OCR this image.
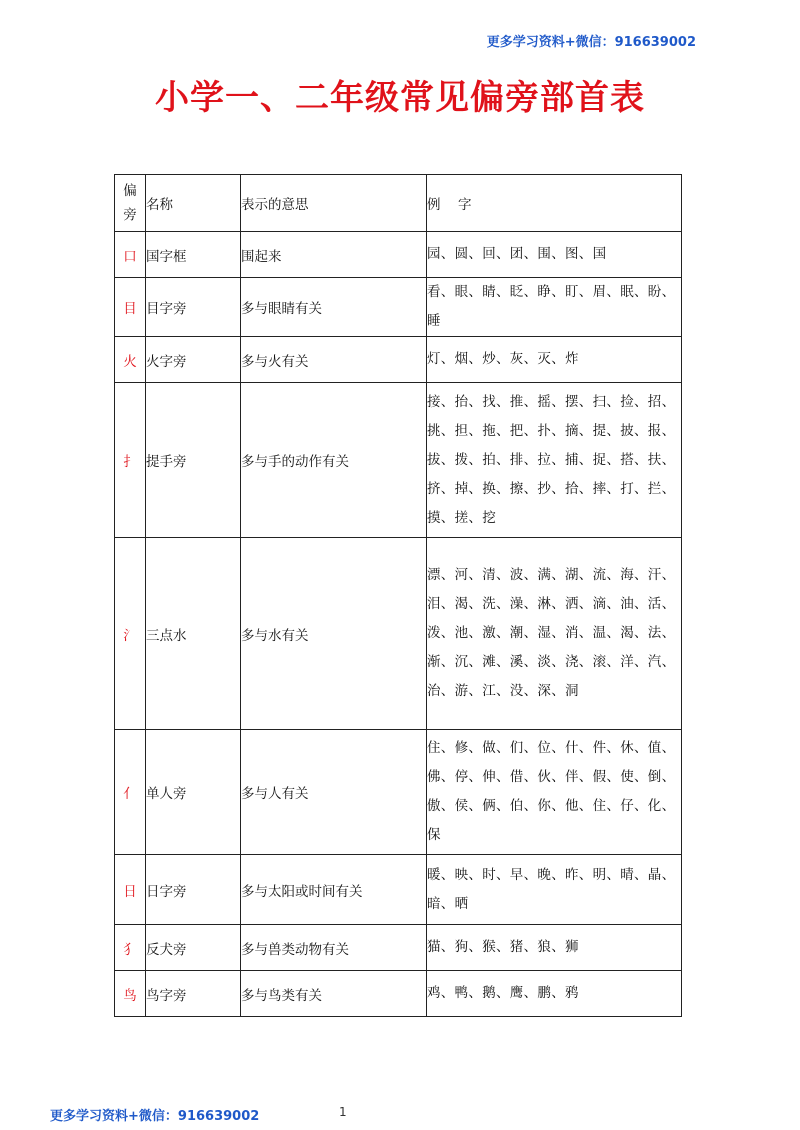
更多学习资料+微信：916639002
小学一、二年级常见偏旁部首表
偏
旁	名称	表示的意思	例　字
口	国字框	围起来	园、圆、回、团、围、图、国
目	目字旁	多与眼睛有关	看、眼、睛、眨、睁、盯、眉、眠、盼、睡
火	火字旁	多与火有关	灯、烟、炒、灰、灭、炸
扌	提手旁	多与手的动作有关	接、抬、找、推、摇、摆、扫、捡、招、挑、担、拖、把、扑、摘、提、披、报、拔、拨、拍、排、拉、捕、捉、搭、扶、挤、掉、换、擦、抄、拾、摔、打、拦、摸、搓、挖
氵	三点水	多与水有关	漂、河、清、波、满、湖、流、海、汗、泪、渴、洗、澡、淋、洒、滴、油、活、泼、池、激、潮、湿、消、温、渴、法、渐、沉、滩、溪、淡、浇、滚、洋、汽、治、游、江、没、深、洞
亻	单人旁	多与人有关	住、修、做、们、位、什、件、休、值、佛、停、伸、借、伙、伴、假、使、倒、傲、侯、俩、伯、你、他、住、仔、化、保
日	日字旁	多与太阳或时间有关	暖、映、时、早、晚、昨、明、晴、晶、暗、晒
犭	反犬旁	多与兽类动物有关	猫、狗、猴、猪、狼、狮
鸟	鸟字旁	多与鸟类有关	鸡、鸭、鹅、鹰、鹏、鸦
更多学习资料+微信：916639002	1
